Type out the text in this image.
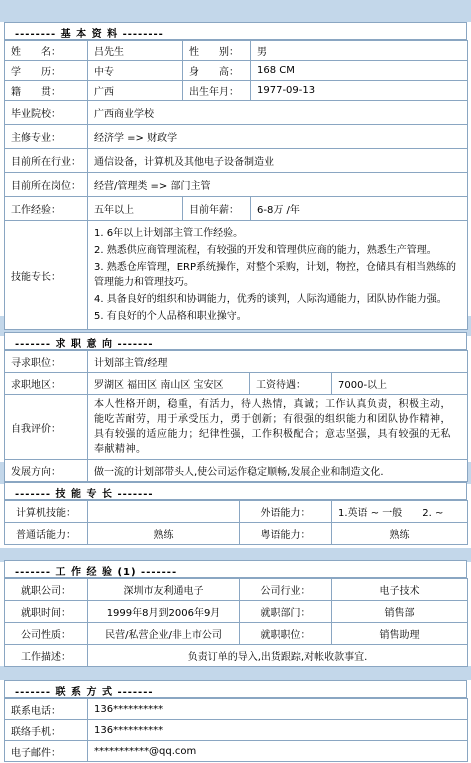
-------- 基 本 资 料 --------
姓　　名：	吕先生	性　　别：	男
学　　历：	中专	身　　高：	168 CM
籍　　贯：	广西	出生年月：	1977-09-13
毕业院校：	广西商业学校		
主修专业：	经济学 => 财政学		
目前所在行业：	通信设备，计算机及其他电子设备制造业		
目前所在岗位：	经营/管理类 => 部门主管		
工作经验：	五年以上	目前年薪：	6-8万 /年
技能专长：	1. 6年以上计划部主管工作经验。
2. 熟悉供应商管理流程，有较强的开发和管理供应商的能力，熟悉生产管理。
3. 熟悉仓库管理，ERP系统操作，对整个采购，计划，物控，仓储具有相当熟练的管理能力和管理技巧。
4. 具备良好的组织和协调能力，优秀的谈判，人际沟通能力，团队协作能力强。
5. 有良好的个人品格和职业操守。		
------- 求 职 意 向 -------
寻求职位：	计划部主管/经理		
求职地区：	罗湖区 福田区 南山区 宝安区	工资待遇：	7000-以上
自我评价：	本人性格开朗，稳重，有活力，待人热情，真诚；工作认真负责，积极主动，能吃苦耐劳，用于承受压力，勇于创新；有很强的组织能力和团队协作精神，具有较强的适应能力；纪律性强，工作积极配合；意志坚强，具有较强的无私奉献精神。		
发展方向：	做一流的计划部带头人,使公司运作稳定顺畅,发展企业和制造文化.		
------- 技 能 专 长 -------
计算机技能：		外语能力：	1.英语 ~ 一般　　2. ~
普通话能力：	熟练	粤语能力：	熟练
------- 工 作 经 验 (1) -------
就职公司：	深圳市友利通电子	公司行业：	电子技术
就职时间：	1999年8月到2006年9月	就职部门：	销售部
公司性质：	民营/私营企业/非上市公司	就职职位：	销售助理
工作描述：	负责订单的导入,出货跟踪,对帐收款事宜.		
------- 联 系 方 式 -------
联系电话：	136**********
联络手机：	136**********
电子邮件：	***********@qq.com
